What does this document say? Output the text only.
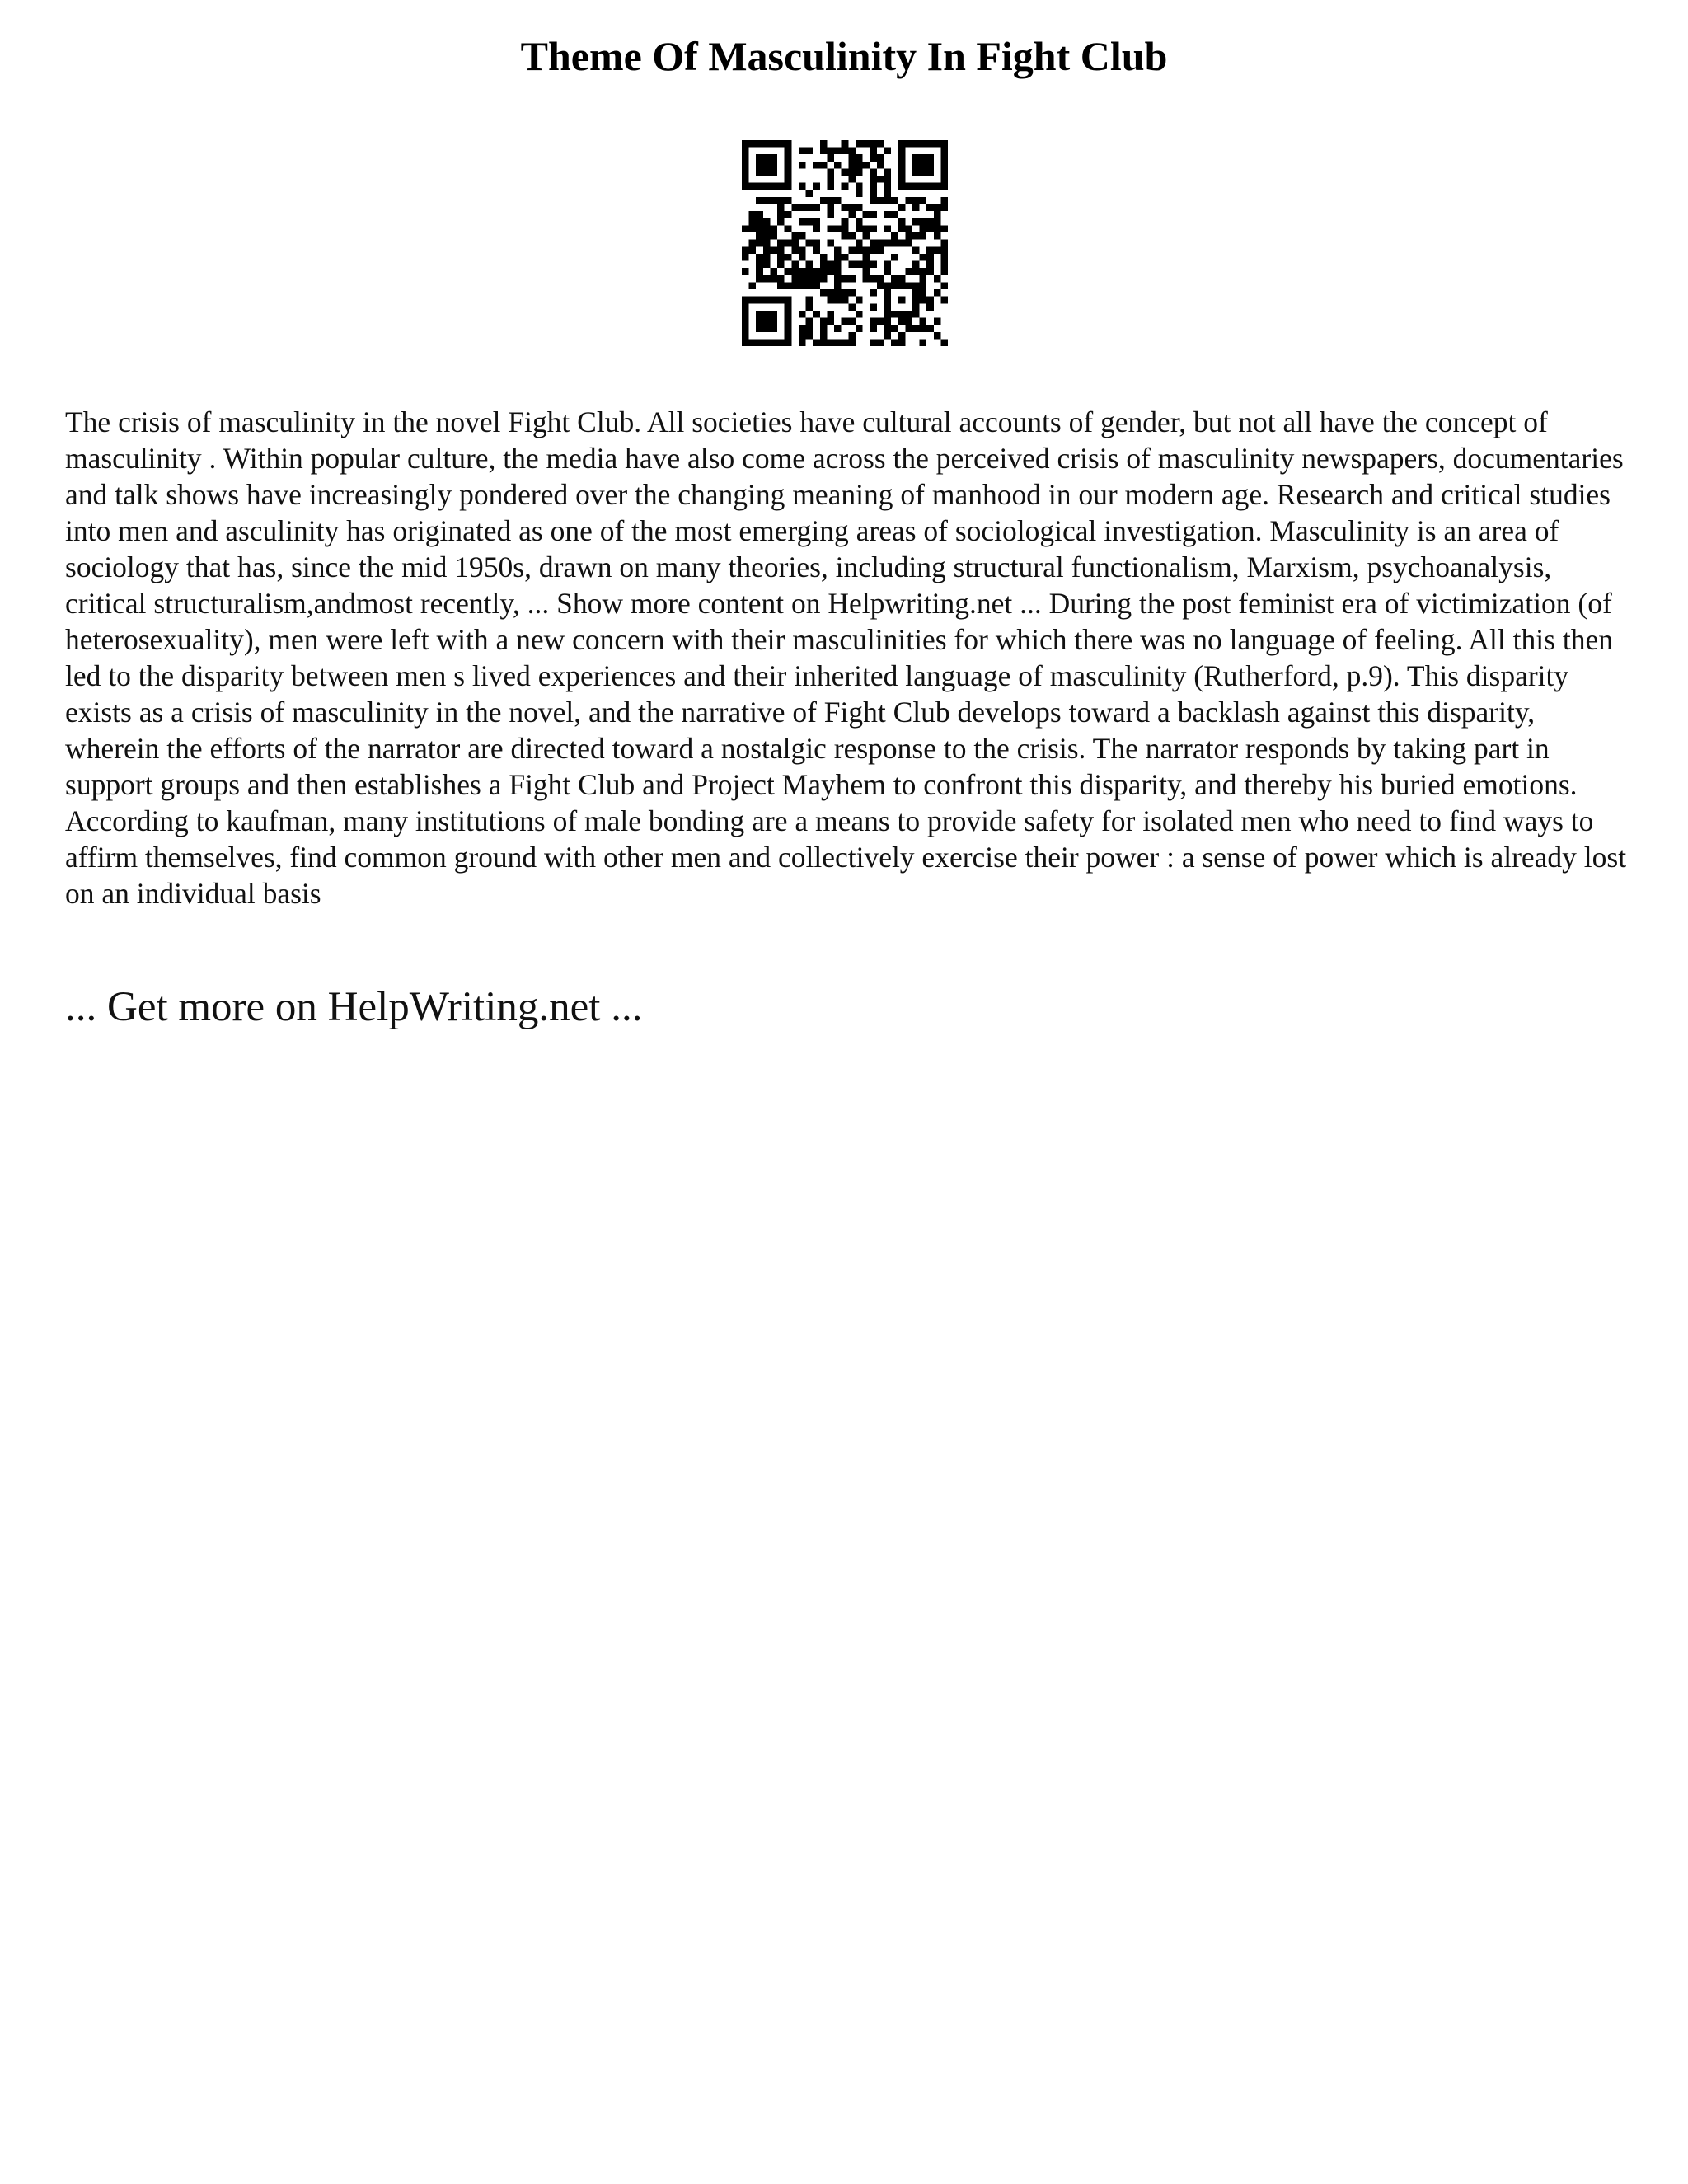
Theme Of Masculinity In Fight Club

The crisis of masculinity in the novel Fight Club. All societies have cultural accounts of gender, but not all have the concept of masculinity . Within popular culture, the media have also come across the perceived crisis of masculinity newspapers, documentaries and talk shows have increasingly pondered over the changing meaning of manhood in our modern age. Research and critical studies into men and asculinity has originated as one of the most emerging areas of sociological investigation. Masculinity is an area of sociology that has, since the mid 1950s, drawn on many theories, including structural functionalism, Marxism, psychoanalysis, critical structuralism,andmost recently, ... Show more content on Helpwriting.net ... During the post feminist era of victimization (of heterosexuality), men were left with a new concern with their masculinities for which there was no language of feeling. All this then led to the disparity between men s lived experiences and their inherited language of masculinity (Rutherford, p.9). This disparity exists as a crisis of masculinity in the novel, and the narrative of Fight Club develops toward a backlash against this disparity, wherein the efforts of the narrator are directed toward a nostalgic response to the crisis. The narrator responds by taking part in support groups and then establishes a Fight Club and Project Mayhem to confront this disparity, and thereby his buried emotions. According to kaufman, many institutions of male bonding are a means to provide safety for isolated men who need to find ways to affirm themselves, find common ground with other men and collectively exercise their power : a sense of power which is already lost on an individual basis

... Get more on HelpWriting.net ...
